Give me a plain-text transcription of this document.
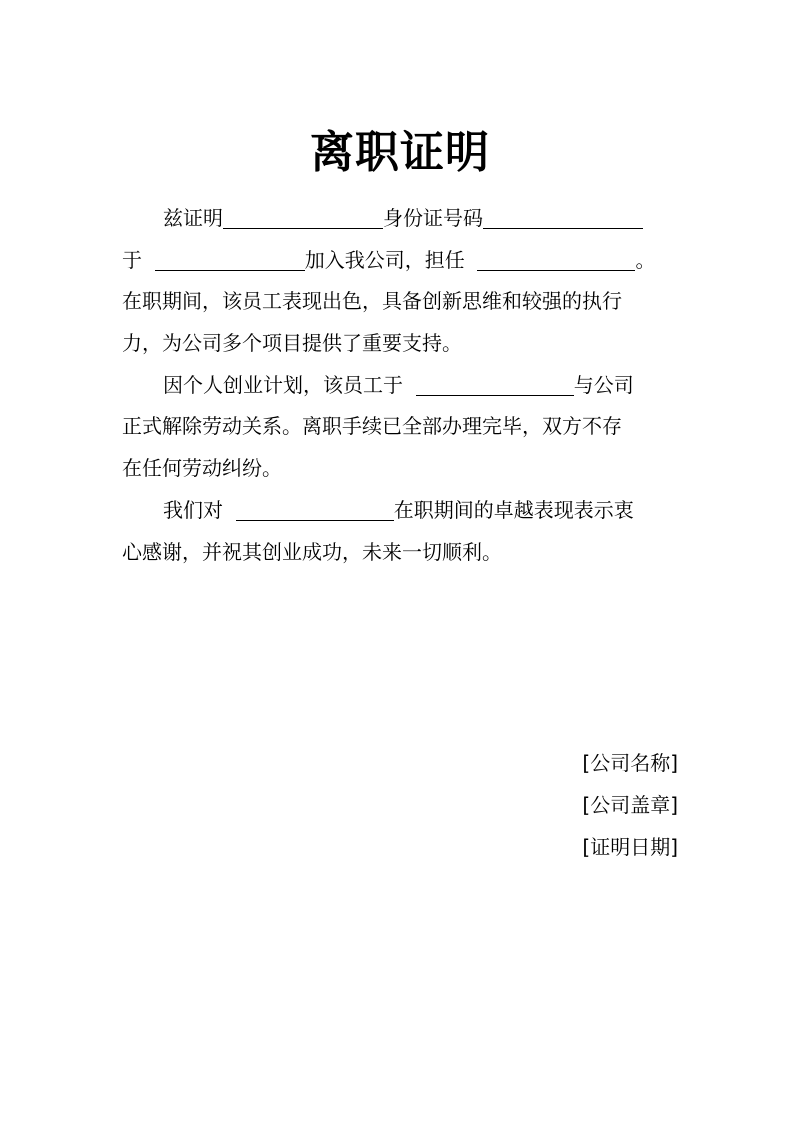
离职证明
兹证明	身份证号码
于	加入我公司，担任	。
在职期间，该员工表现出色，具备创新思维和较强的执行
力，为公司多个项目提供了重要支持。
因个人创业计划，该员工于	与公司
正式解除劳动关系。离职手续已全部办理完毕，双方不存
在任何劳动纠纷。
我们对	在职期间的卓越表现表示衷
心感谢，并祝其创业成功，未来一切顺利。
[公司名称]
[公司盖章]
[证明日期]
